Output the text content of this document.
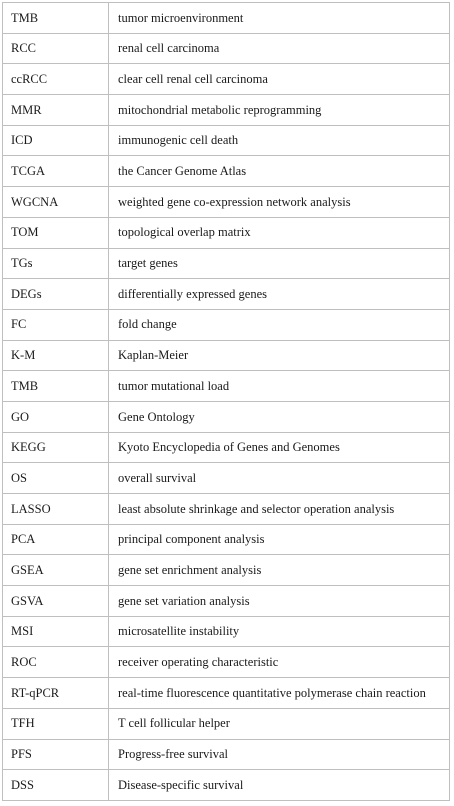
TMB	tumor microenvironment
RCC	renal cell carcinoma
ccRCC	clear cell renal cell carcinoma
MMR	mitochondrial metabolic reprogramming
ICD	immunogenic cell death
TCGA	the Cancer Genome Atlas
WGCNA	weighted gene co-expression network analysis
TOM	topological overlap matrix
TGs	target genes
DEGs	differentially expressed genes
FC	fold change
K-M	Kaplan-Meier
TMB	tumor mutational load
GO	Gene Ontology
KEGG	Kyoto Encyclopedia of Genes and Genomes
OS	overall survival
LASSO	least absolute shrinkage and selector operation analysis
PCA	principal component analysis
GSEA	gene set enrichment analysis
GSVA	gene set variation analysis
MSI	microsatellite instability
ROC	receiver operating characteristic
RT-qPCR	real-time fluorescence quantitative polymerase chain reaction
TFH	T cell follicular helper
PFS	Progress-free survival
DSS	Disease-specific survival
